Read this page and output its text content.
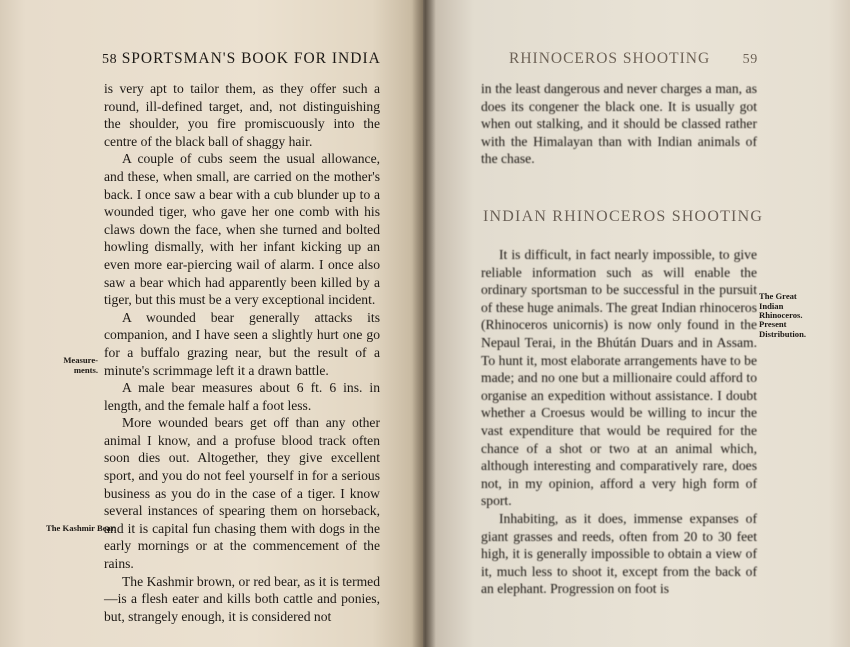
58 SPORTSMAN'S BOOK FOR INDIA

is very apt to tailor them, as they offer such a round, ill-defined target, and, not distinguishing the shoulder, you fire promiscuously into the centre of the black ball of shaggy hair.

A couple of cubs seem the usual allowance, and these, when small, are carried on the mother's back. I once saw a bear with a cub blunder up to a wounded tiger, who gave her one comb with his claws down the face, when she turned and bolted howling dismally, with her infant kicking up an even more ear-piercing wail of alarm. I once also saw a bear which had apparently been killed by a tiger, but this must be a very exceptional incident.

A wounded bear generally attacks its companion, and I have seen a slightly hurt one go for a buffalo grazing near, but the result of a minute's scrimmage left it a drawn battle.

A male bear measures about 6 ft. 6 ins. in length, and the female half a foot less.

More wounded bears get off than any other animal I know, and a profuse blood track often soon dies out. Altogether, they give excellent sport, and you do not feel yourself in for a serious business as you do in the case of a tiger. I know several instances of spearing them on horseback, and it is capital fun chasing them with dogs in the early mornings or at the commencement of the rains.

The Kashmir brown, or red bear, as it is termed—is a flesh eater and kills both cattle and ponies, but, strangely enough, it is considered not

Measure-ments.
The Kashmir Bear.
RHINOCEROS SHOOTING 59

in the least dangerous and never charges a man, as does its congener the black one. It is usually got when out stalking, and it should be classed rather with the Himalayan than with Indian animals of the chase.

INDIAN RHINOCEROS SHOOTING

It is difficult, in fact nearly impossible, to give reliable information such as will enable the ordinary sportsman to be successful in the pursuit of these huge animals. The great Indian rhinoceros (Rhinoceros unicornis) is now only found in the Nepaul Terai, in the Bhútán Duars and in Assam. To hunt it, most elaborate arrangements have to be made; and no one but a millionaire could afford to organise an expedition without assistance. I doubt whether a Croesus would be willing to incur the vast expenditure that would be required for the chance of a shot or two at an animal which, although interesting and comparatively rare, does not, in my opinion, afford a very high form of sport.

Inhabiting, as it does, immense expanses of giant grasses and reeds, often from 20 to 30 feet high, it is generally impossible to obtain a view of it, much less to shoot it, except from the back of an elephant. Progression on foot is

The Great Indian Rhinoceros.
Present Distribution.
